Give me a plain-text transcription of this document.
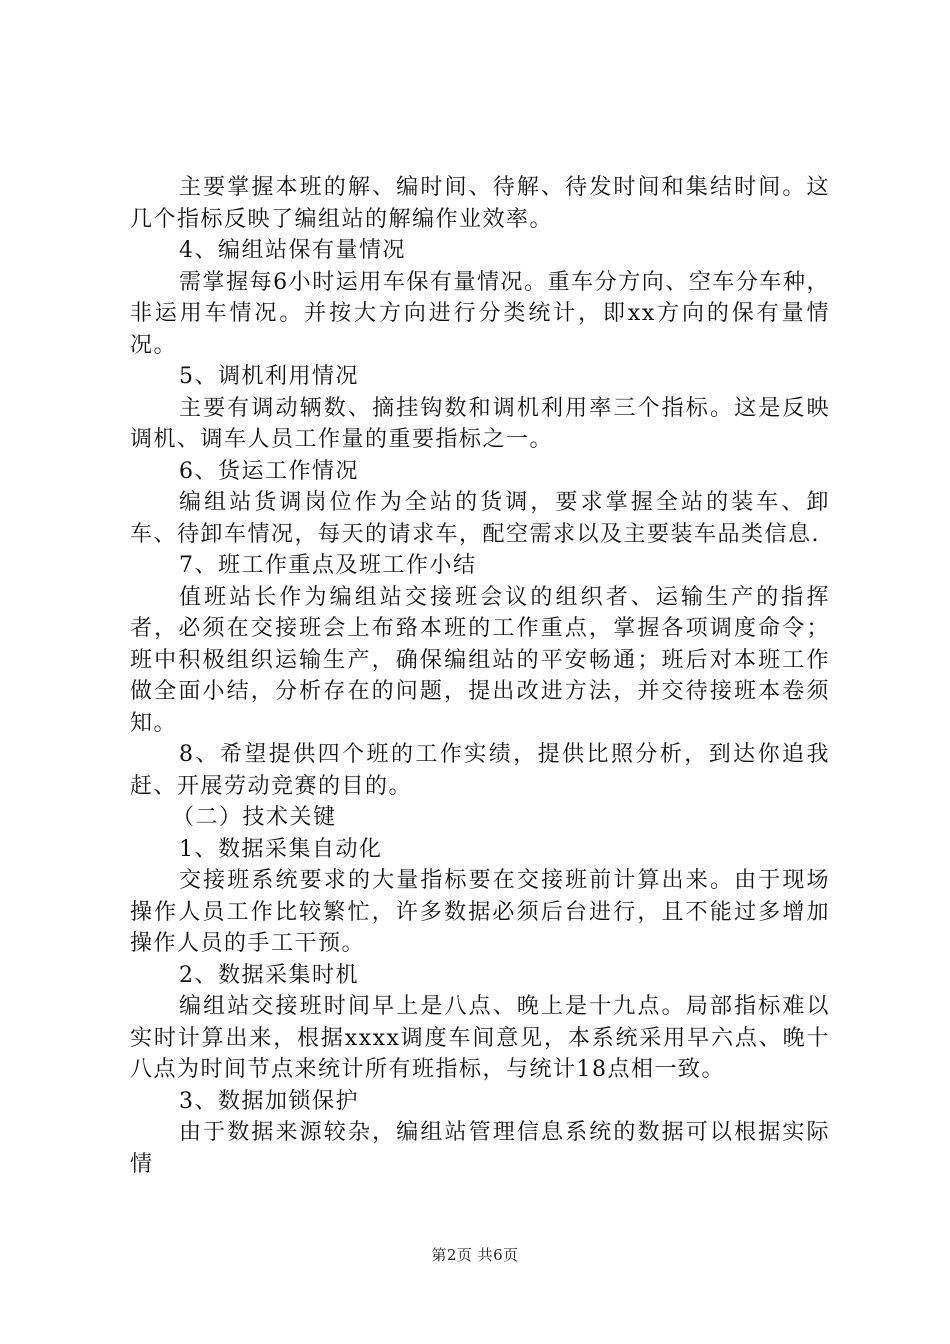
主要掌握本班的解、编时间、待解、待发时间和集结时间。这几个指标反映了编组站的解编作业效率。

4、编组站保有量情况

需掌握每6小时运用车保有量情况。重车分方向、空车分车种，非运用车情况。并按大方向进行分类统计，即xx方向的保有量情况。

5、调机利用情况

主要有调动辆数、摘挂钩数和调机利用率三个指标。这是反映调机、调车人员工作量的重要指标之一。

6、货运工作情况

编组站货调岗位作为全站的货调，要求掌握全站的装车、卸车、待卸车情况，每天的请求车，配空需求以及主要装车品类信息.

7、班工作重点及班工作小结

值班站长作为编组站交接班会议的组织者、运输生产的指挥者，必须在交接班会上布臵本班的工作重点，掌握各项调度命令；班中积极组织运输生产，确保编组站的平安畅通；班后对本班工作做全面小结，分析存在的问题，提出改进方法，并交待接班本卷须知。

8、希望提供四个班的工作实绩，提供比照分析，到达你追我赶、开展劳动竞赛的目的。

（二）技术关键

1、数据采集自动化

交接班系统要求的大量指标要在交接班前计算出来。由于现场操作人员工作比较繁忙，许多数据必须后台进行，且不能过多增加操作人员的手工干预。

2、数据采集时机

编组站交接班时间早上是八点、晚上是十九点。局部指标难以实时计算出来，根据xxxx调度车间意见，本系统采用早六点、晚十八点为时间节点来统计所有班指标，与统计18点相一致。

3、数据加锁保护

由于数据来源较杂，编组站管理信息系统的数据可以根据实际情

第2页 共6页
